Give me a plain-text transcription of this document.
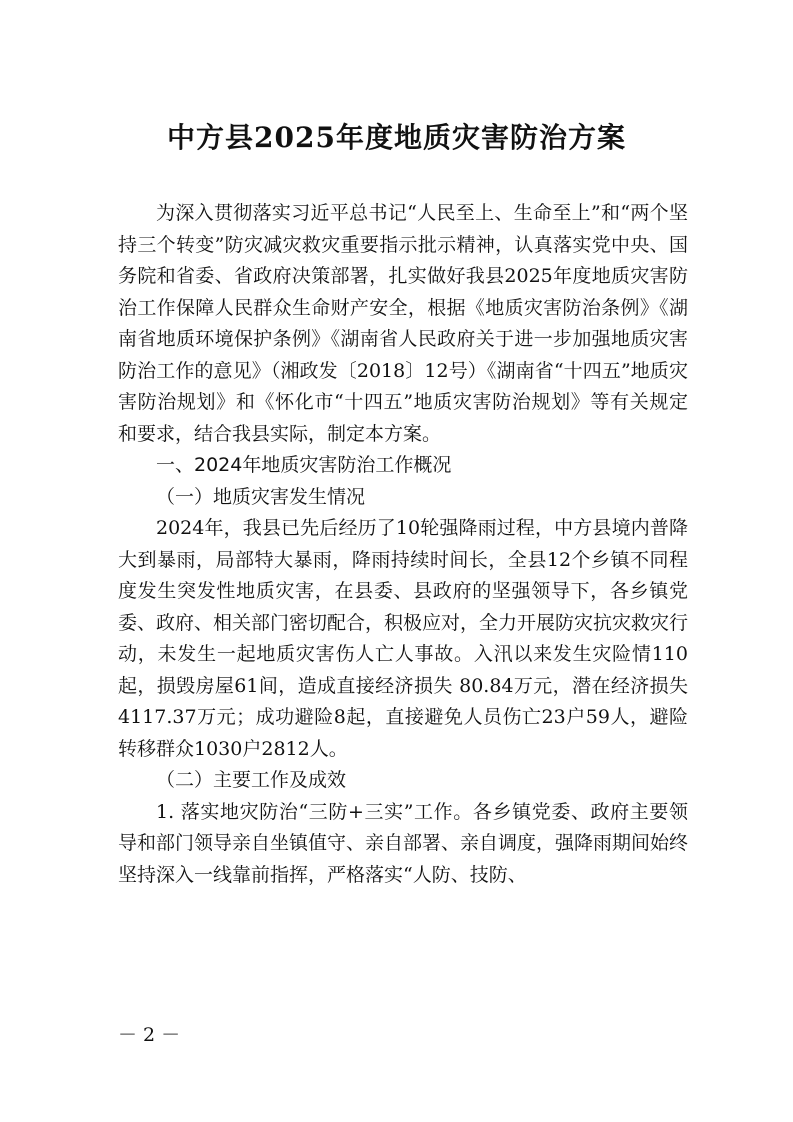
中方县2025年度地质灾害防治方案

为深入贯彻落实习近平总书记“人民至上、生命至上”和“两个坚持三个转变”防灾减灾救灾重要指示批示精神，认真落实党中央、国务院和省委、省政府决策部署，扎实做好我县2025年度地质灾害防治工作保障人民群众生命财产安全，根据《地质灾害防治条例》《湖南省地质环境保护条例》《湖南省人民政府关于进一步加强地质灾害防治工作的意见》（湘政发〔2018〕12号）《湖南省“十四五”地质灾害防治规划》和《怀化市“十四五”地质灾害防治规划》等有关规定和要求，结合我县实际，制定本方案。

一、2024年地质灾害防治工作概况

（一）地质灾害发生情况

2024年，我县已先后经历了10轮强降雨过程，中方县境内普降大到暴雨，局部特大暴雨，降雨持续时间长，全县12个乡镇不同程度发生突发性地质灾害，在县委、县政府的坚强领导下，各乡镇党委、政府、相关部门密切配合，积极应对，全力开展防灾抗灾救灾行动，未发生一起地质灾害伤人亡人事故。入汛以来发生灾险情110起，损毁房屋61间，造成直接经济损失 80.84万元，潜在经济损失 4117.37万元；成功避险8起，直接避免人员伤亡23户59人，避险转移群众1030户2812人。

（二）主要工作及成效

1. 落实地灾防治“三防+三实”工作。各乡镇党委、政府主要领导和部门领导亲自坐镇值守、亲自部署、亲自调度，强降雨期间始终坚持深入一线靠前指挥，严格落实“人防、技防、

－ 2 －
